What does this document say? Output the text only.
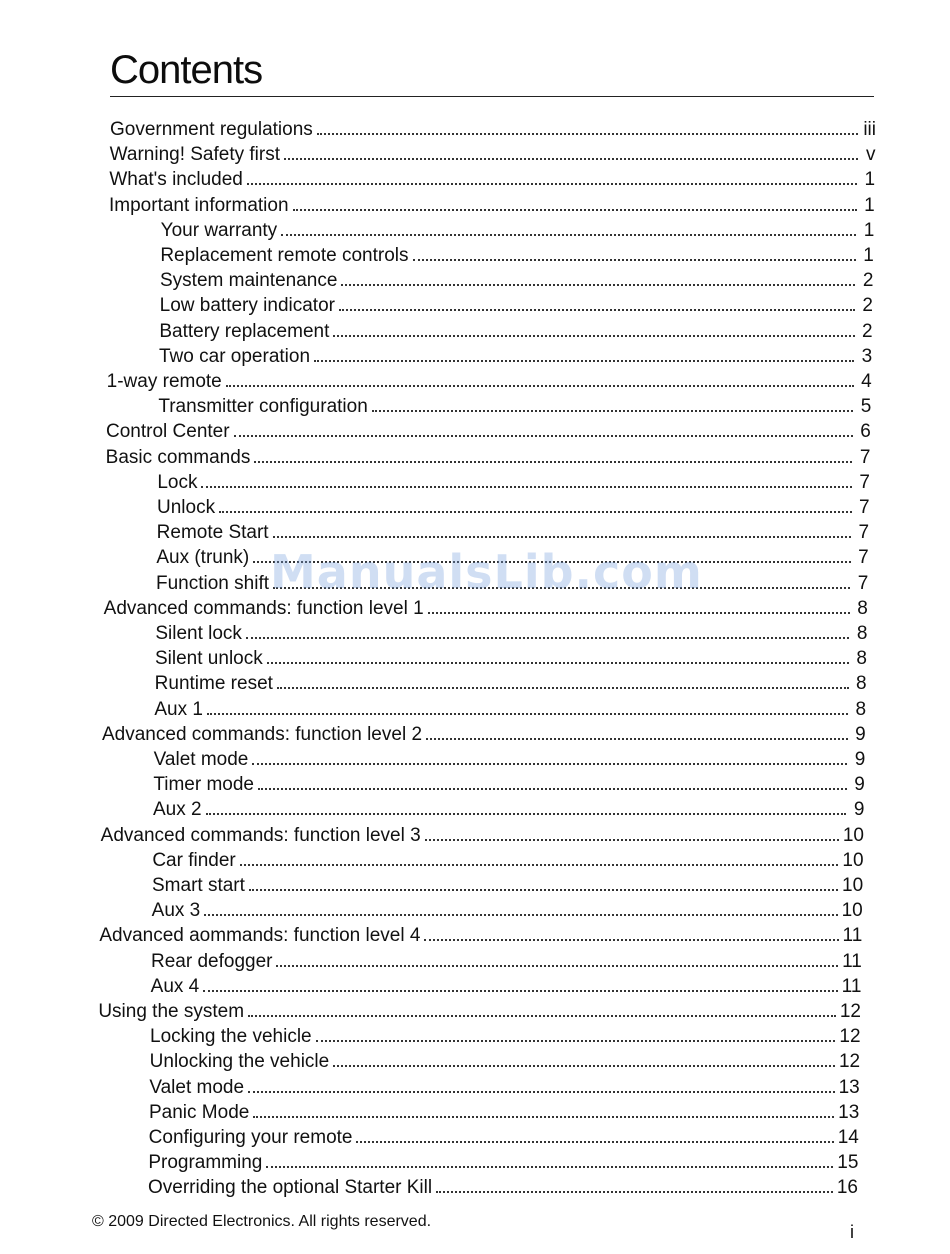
Contents
Government regulations	iii
Warning! Safety first	v
What's included	1
Important information	1
Your warranty	1
Replacement remote controls	1
System maintenance	2
Low battery indicator	2
Battery replacement	2
Two car operation	3
1-way remote	4
Transmitter configuration	5
Control Center	6
Basic commands	7
Lock	7
Unlock	7
Remote Start	7
Aux (trunk)	7
Function shift	7
Advanced commands: function level 1	8
Silent lock	8
Silent unlock	8
Runtime reset	8
Aux 1	8
Advanced commands: function level 2	9
Valet mode	9
Timer mode	9
Aux 2	9
Advanced commands: function level 3	10
Car finder	10
Smart start	10
Aux 3	10
Advanced aommands: function level 4	11
Rear defogger	11
Aux 4	11
Using the system	12
Locking the vehicle	12
Unlocking the vehicle	12
Valet mode	13
Panic Mode	13
Configuring your remote	14
Programming	15
Overriding the optional Starter Kill	16
ManualsLib.com
© 2009 Directed Electronics. All rights reserved.
i
